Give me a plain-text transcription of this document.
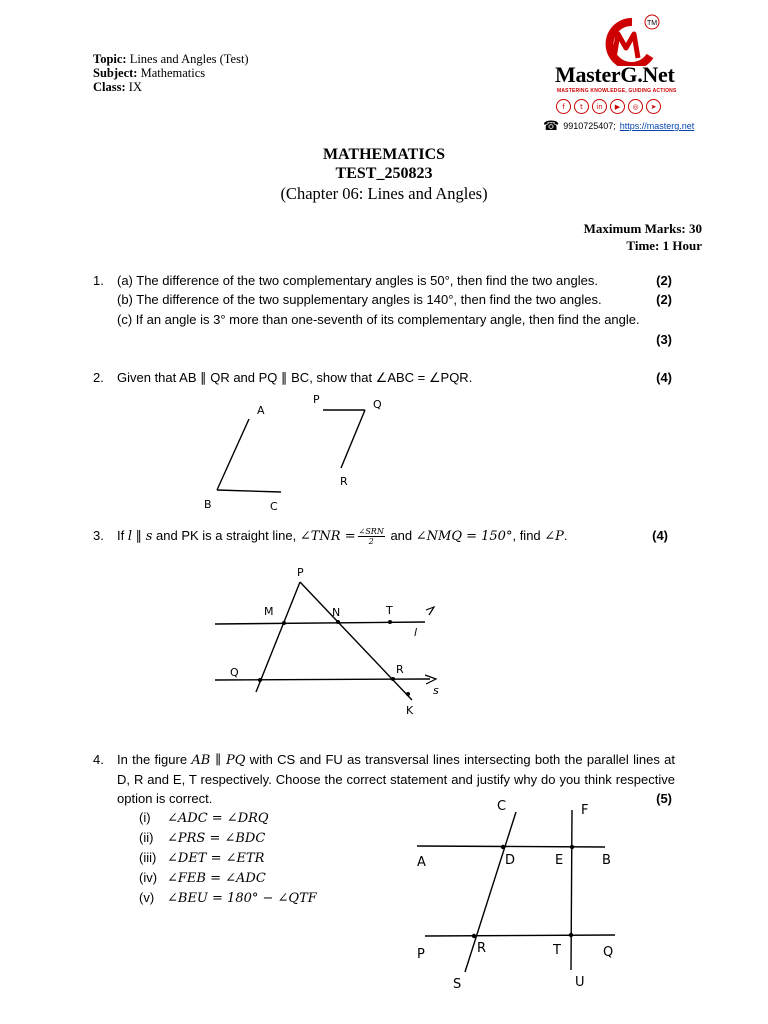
Topic: Lines and Angles (Test)
Subject: Mathematics
Class: IX
TM
MasterG.Net
MASTERING KNOWLEDGE, GUIDING ACTIONS
f	t	in	▶	◎	➤
☎ 9910725407; https://masterg.net
MATHEMATICS
TEST_250823
(Chapter 06: Lines and Angles)
Maximum Marks: 30
Time: 1 Hour
1. (a) The difference of the two complementary angles is 50°, then find the two angles.	(2)
(b) The difference of the two supplementary angles is 140°, then find the two angles.	(2)
(c) If an angle is 3° more than one-seventh of its complementary angle, then find the angle.
(3)
2. Given that AB ∥ QR and PQ ∥ BC, show that ∠ABC = ∠PQR.	(4)
A
B	C
P	Q
R
3. If l ∥ s and PK is a straight line, ∠TNR = $\frac{\text{∠SRN}}{2}$ and ∠NMQ = 150°, find ∠P.	(4)
P
M	N	T
l
Q	R
s
K
4. In the figure AB ∥ PQ with CS and FU as transversal lines intersecting both the parallel lines at D, R and E, T respectively. Choose the correct statement and justify why do you think respective option is correct.	(5)
(i) ∠ADC = ∠DRQ
(ii) ∠PRS = ∠BDC
(iii) ∠DET = ∠ETR
(iv) ∠FEB = ∠ADC
(v) ∠BEU = 180° − ∠QTF
C	F
A	D	E	B
P	R	T	Q
S	U
